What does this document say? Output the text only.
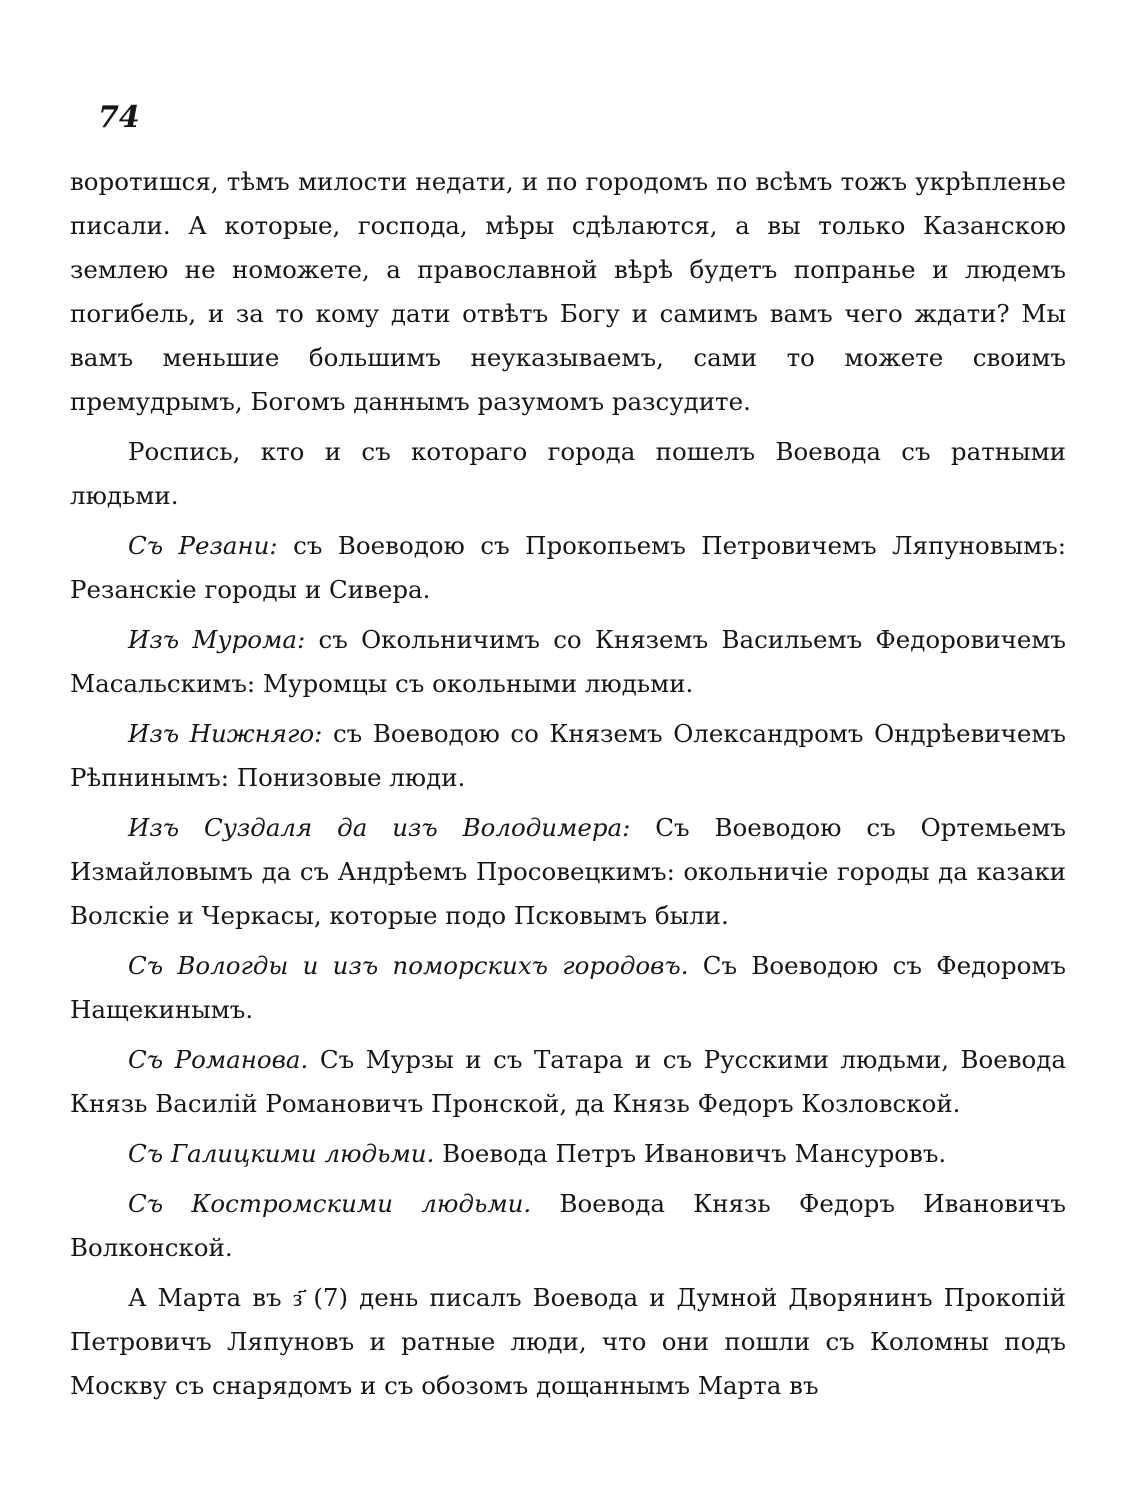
74

воротишся, тѣмъ милости недати, и по городомъ по всѣмъ тожъ укрѣпленье писали. А которые, господа, мѣры сдѣлаются, а вы только Казанскою землею не номожете, а православной вѣрѣ будетъ попранье и людемъ погибель, и за то кому дати отвѣтъ Богу и самимъ вамъ чего ждати? Мы вамъ меньшие большимъ неуказываемъ, сами то можете своимъ премудрымъ, Богомъ даннымъ разумомъ разсудите.

Роспись, кто и съ котораго города пошелъ Воевода съ ратными людьми.

Съ Резани: съ Воеводою съ Прокопьемъ Петровичемъ Ляпуновымъ: Резанскіе городы и Сивера.

Изъ Мурома: съ Окольничимъ со Княземъ Васильемъ Федоровичемъ Масальскимъ: Муромцы съ окольными людьми.

Изъ Нижняго: съ Воеводою со Княземъ Олександромъ Ондрѣевичемъ Рѣпнинымъ: Понизовые люди.

Изъ Суздаля да изъ Володимера: Съ Воеводою съ Ортемьемъ Измайловымъ да съ Андрѣемъ Просовецкимъ: окольничіе городы да казаки Волскіе и Черкасы, которые подо Псковымъ были.

Съ Вологды и изъ поморскихъ городовъ. Съ Воеводою съ Федоромъ Нащекинымъ.

Съ Романова. Съ Мурзы и съ Татара и съ Русскими людьми, Воевода Князь Василій Романовичъ Пронской, да Князь Федоръ Козловской.

Съ Галицкими людьми. Воевода Петръ Ивановичъ Мансуровъ.

Съ Костромскими людьми. Воевода Князь Федоръ Ивановичъ Волконской.

А Марта въ з҃ (7) день писалъ Воевода и Думной Дворянинъ Прокопій Петровичъ Ляпуновъ и ратные люди, что они пошли съ Коломны подъ Москву съ снарядомъ и съ обозомъ дощаннымъ Марта въ
